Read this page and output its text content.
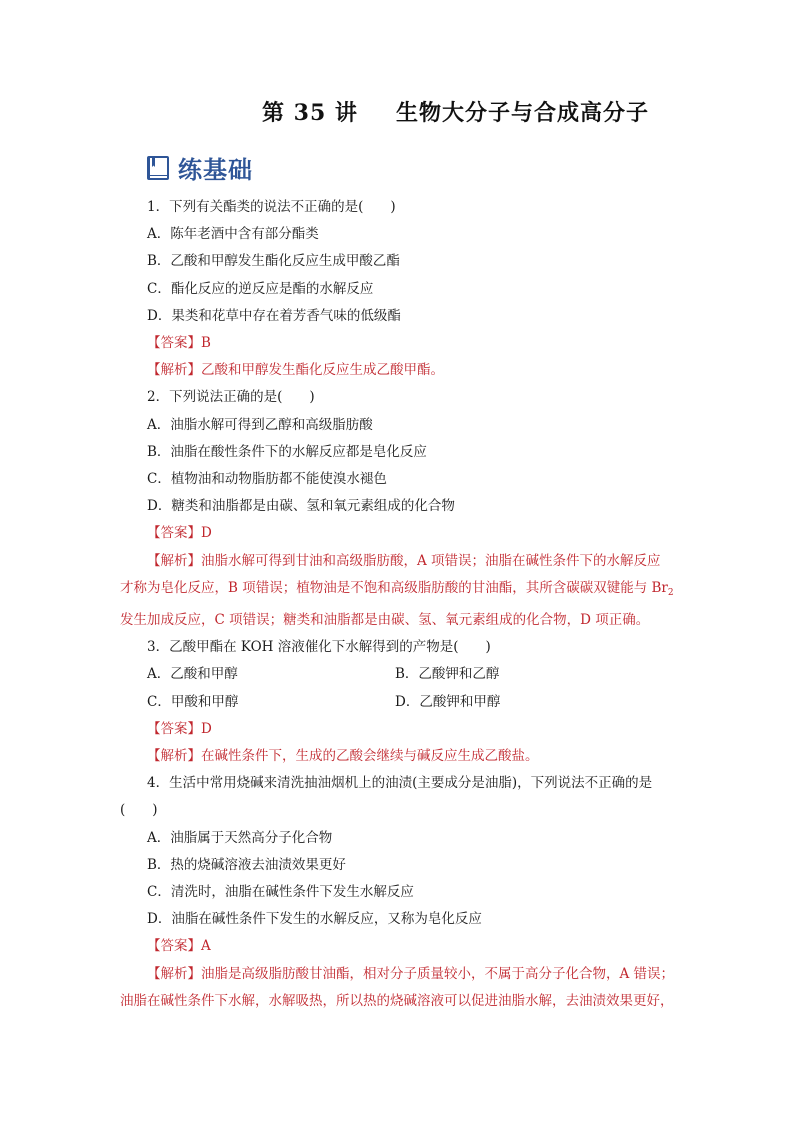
第 35 讲 生物大分子与合成高分子
练基础
1．下列有关酯类的说法不正确的是(　　)
A．陈年老酒中含有部分酯类
B．乙酸和甲醇发生酯化反应生成甲酸乙酯
C．酯化反应的逆反应是酯的水解反应
D．果类和花草中存在着芳香气味的低级酯
【答案】B
【解析】乙酸和甲醇发生酯化反应生成乙酸甲酯。
2．下列说法正确的是(　　)
A．油脂水解可得到乙醇和高级脂肪酸
B．油脂在酸性条件下的水解反应都是皂化反应
C．植物油和动物脂肪都不能使溴水褪色
D．糖类和油脂都是由碳、氢和氧元素组成的化合物
【答案】D
【解析】油脂水解可得到甘油和高级脂肪酸，A 项错误；油脂在碱性条件下的水解反应
才称为皂化反应，B 项错误；植物油是不饱和高级脂肪酸的甘油酯，其所含碳碳双键能与 $Br_2$
发生加成反应，C 项错误；糖类和油脂都是由碳、氢、氧元素组成的化合物，D 项正确。
3．乙酸甲酯在 KOH 溶液催化下水解得到的产物是(　　)
A．乙酸和甲醇	B．乙酸钾和乙醇
C．甲酸和甲醇	D．乙酸钾和甲醇
【答案】D
【解析】在碱性条件下，生成的乙酸会继续与碱反应生成乙酸盐。
4．生活中常用烧碱来清洗抽油烟机上的油渍(主要成分是油脂)，下列说法不正确的是
(　　)
A．油脂属于天然高分子化合物
B．热的烧碱溶液去油渍效果更好
C．清洗时，油脂在碱性条件下发生水解反应
D．油脂在碱性条件下发生的水解反应，又称为皂化反应
【答案】A
【解析】油脂是高级脂肪酸甘油酯，相对分子质量较小，不属于高分子化合物，A 错误；
油脂在碱性条件下水解，水解吸热，所以热的烧碱溶液可以促进油脂水解，去油渍效果更好，
